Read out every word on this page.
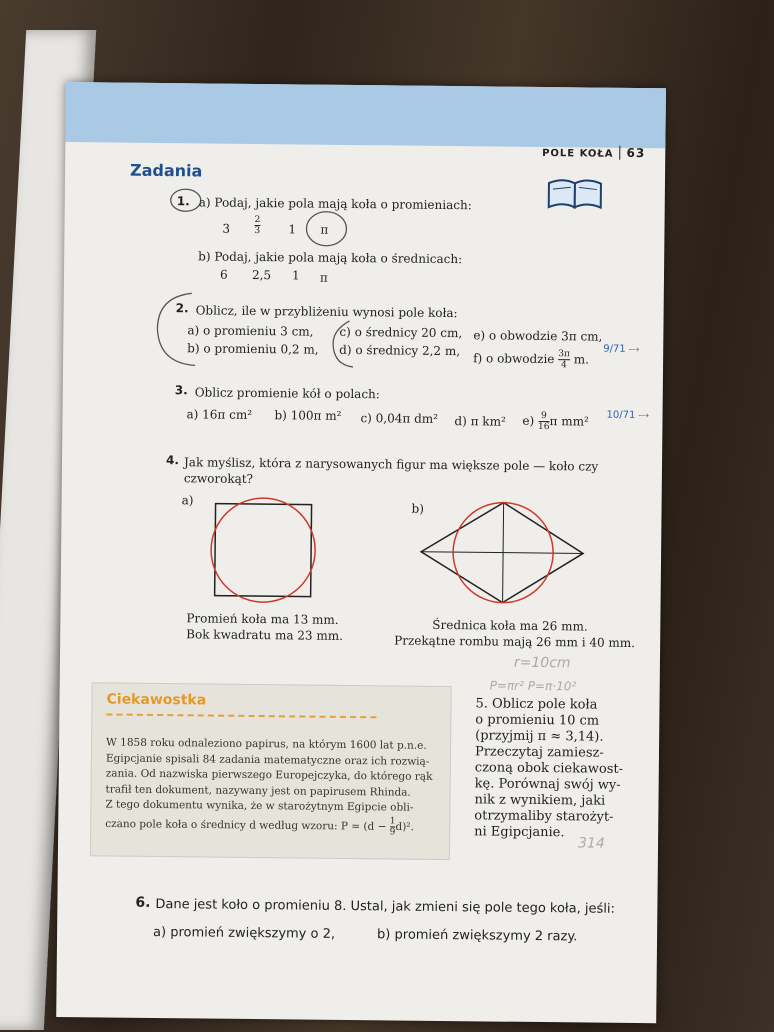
POLE KOŁA 63
Zadania
1. a) Podaj, jakie pola mają koła o promieniach:
3	$\frac{2}{3} 1$ π
b) Podaj, jakie pola mają koła o średnicach:
6 2,5 1 π
2. Oblicz, ile w przybliżeniu wynosi pole koła:
a) o promieniu 3 cm,
b) o promieniu 0,2 m,
c) o średnicy 20 cm,
d) o średnicy 2,2 m,
e) o obwodzie 3π cm,
f) o obwodzie $\frac{3\pi}{4} m$.
9/71 ⤏
3. Oblicz promienie kół o polach:
a) 16π cm² b) 100π m² c) 0,04π dm² d) π km² $e) \frac{9}{16}$ π mm² 10/71 ⤏
4. Jak myślisz, która z narysowanych figur ma większe pole — koło czy
czworokąt?
a)
b)
Promień koła ma 13 mm.
Bok kwadratu ma 23 mm.
Średnica koła ma 26 mm.
Przekątne rombu mają 26 mm i 40 mm.
r=10cm
P=πr² P=π·10²
Ciekawostka
W 1858 roku odnaleziono papirus, na którym 1600 lat p.n.e.
Egipcjanie spisali 84 zadania matematyczne oraz ich rozwią-
zania. Od nazwiska pierwszego Europejczyka, do którego rąk
trafił ten dokument, nazywany jest on papirusem Rhinda.
Z tego dokumentu wynika, że w starożytnym Egipcie obli-
czano pole koła o średnicy d według wzoru: $P = (d - \frac{1}{9} d)^2$.
5. Oblicz pole koła
o promieniu 10 cm
(przyjmij π ≈ 3,14).
Przeczytaj zamiesz-
czoną obok ciekawost-
kę. Porównaj swój wy-
nik z wynikiem, jaki
otrzymaliby starożyt-
ni Egipcjanie.
314
6. Dane jest koło o promieniu 8. Ustal, jak zmieni się pole tego koła, jeśli:
a) promień zwiększymy o 2,	b) promień zwiększymy 2 razy.
